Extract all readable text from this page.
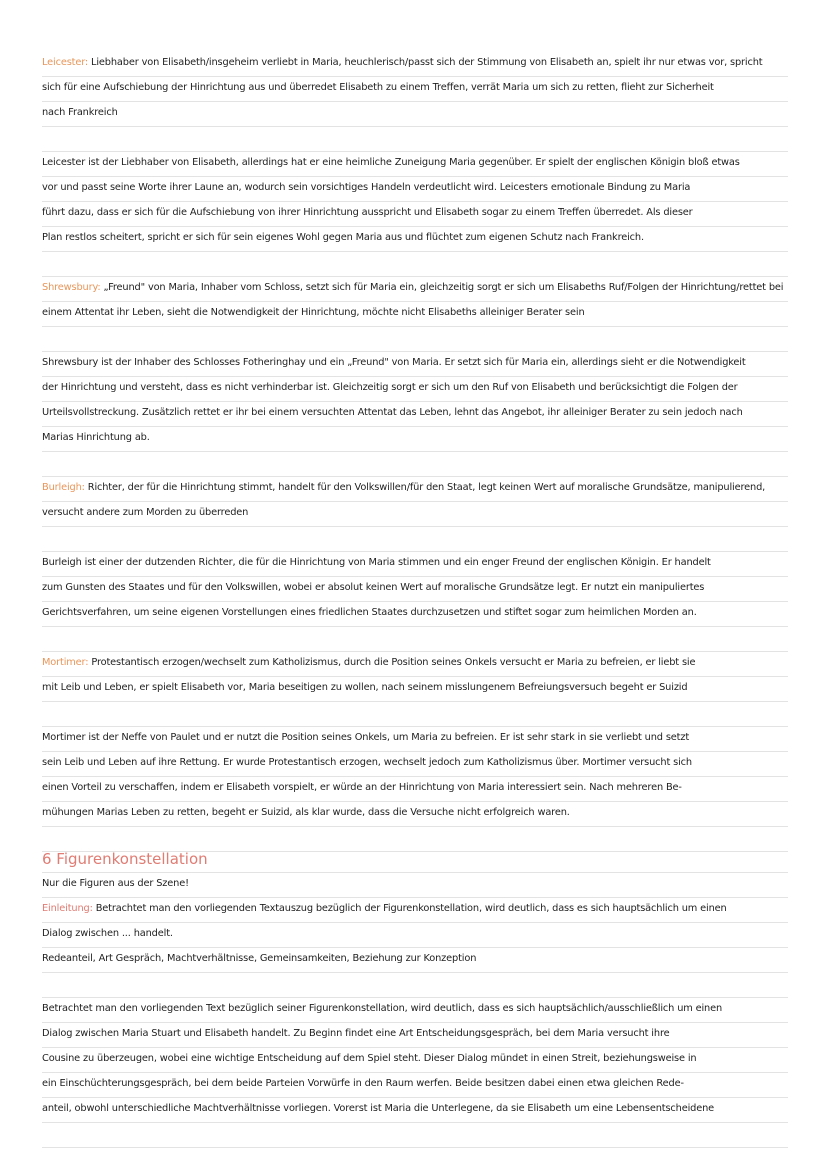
Leicester: Liebhaber von Elisabeth/insgeheim verliebt in Maria, heuchlerisch/passt sich der Stimmung von Elisabeth an, spielt ihr nur etwas vor, spricht
sich für eine Aufschiebung der Hinrichtung aus und überredet Elisabeth zu einem Treffen, verrät Maria um sich zu retten, flieht zur Sicherheit
nach Frankreich
Leicester ist der Liebhaber von Elisabeth, allerdings hat er eine heimliche Zuneigung Maria gegenüber. Er spielt der englischen Königin bloß etwas
vor und passt seine Worte ihrer Laune an, wodurch sein vorsichtiges Handeln verdeutlicht wird. Leicesters emotionale Bindung zu Maria
führt dazu, dass er sich für die Aufschiebung von ihrer Hinrichtung ausspricht und Elisabeth sogar zu einem Treffen überredet. Als dieser
Plan restlos scheitert, spricht er sich für sein eigenes Wohl gegen Maria aus und flüchtet zum eigenen Schutz nach Frankreich.
Shrewsbury: „Freund" von Maria, Inhaber vom Schloss, setzt sich für Maria ein, gleichzeitig sorgt er sich um Elisabeths Ruf/Folgen der Hinrichtung/rettet bei
einem Attentat ihr Leben, sieht die Notwendigkeit der Hinrichtung, möchte nicht Elisabeths alleiniger Berater sein
Shrewsbury ist der Inhaber des Schlosses Fotheringhay und ein „Freund" von Maria. Er setzt sich für Maria ein, allerdings sieht er die Notwendigkeit
der Hinrichtung und versteht, dass es nicht verhinderbar ist. Gleichzeitig sorgt er sich um den Ruf von Elisabeth und berücksichtigt die Folgen der
Urteilsvollstreckung. Zusätzlich rettet er ihr bei einem versuchten Attentat das Leben, lehnt das Angebot, ihr alleiniger Berater zu sein jedoch nach
Marias Hinrichtung ab.
Burleigh: Richter, der für die Hinrichtung stimmt, handelt für den Volkswillen/für den Staat, legt keinen Wert auf moralische Grundsätze, manipulierend,
versucht andere zum Morden zu überreden
Burleigh ist einer der dutzenden Richter, die für die Hinrichtung von Maria stimmen und ein enger Freund der englischen Königin. Er handelt
zum Gunsten des Staates und für den Volkswillen, wobei er absolut keinen Wert auf moralische Grundsätze legt. Er nutzt ein manipuliertes
Gerichtsverfahren, um seine eigenen Vorstellungen eines friedlichen Staates durchzusetzen und stiftet sogar zum heimlichen Morden an.
Mortimer: Protestantisch erzogen/wechselt zum Katholizismus, durch die Position seines Onkels versucht er Maria zu befreien, er liebt sie
mit Leib und Leben, er spielt Elisabeth vor, Maria beseitigen zu wollen, nach seinem misslungenem Befreiungsversuch begeht er Suizid
Mortimer ist der Neffe von Paulet und er nutzt die Position seines Onkels, um Maria zu befreien. Er ist sehr stark in sie verliebt und setzt
sein Leib und Leben auf ihre Rettung. Er wurde Protestantisch erzogen, wechselt jedoch zum Katholizismus über. Mortimer versucht sich
einen Vorteil zu verschaffen, indem er Elisabeth vorspielt, er würde an der Hinrichtung von Maria interessiert sein. Nach mehreren Be-
mühungen Marias Leben zu retten, begeht er Suizid, als klar wurde, dass die Versuche nicht erfolgreich waren.
6 Figurenkonstellation
Nur die Figuren aus der Szene!
Einleitung: Betrachtet man den vorliegenden Textauszug bezüglich der Figurenkonstellation, wird deutlich, dass es sich hauptsächlich um einen
Dialog zwischen ... handelt.
Redeanteil, Art Gespräch, Machtverhältnisse, Gemeinsamkeiten, Beziehung zur Konzeption
Betrachtet man den vorliegenden Text bezüglich seiner Figurenkonstellation, wird deutlich, dass es sich hauptsächlich/ausschließlich um einen
Dialog zwischen Maria Stuart und Elisabeth handelt. Zu Beginn findet eine Art Entscheidungsgespräch, bei dem Maria versucht ihre
Cousine zu überzeugen, wobei eine wichtige Entscheidung auf dem Spiel steht. Dieser Dialog mündet in einen Streit, beziehungsweise in
ein Einschüchterungsgespräch, bei dem beide Parteien Vorwürfe in den Raum werfen. Beide besitzen dabei einen etwa gleichen Rede-
anteil, obwohl unterschiedliche Machtverhältnisse vorliegen. Vorerst ist Maria die Unterlegene, da sie Elisabeth um eine Lebensentscheidene
